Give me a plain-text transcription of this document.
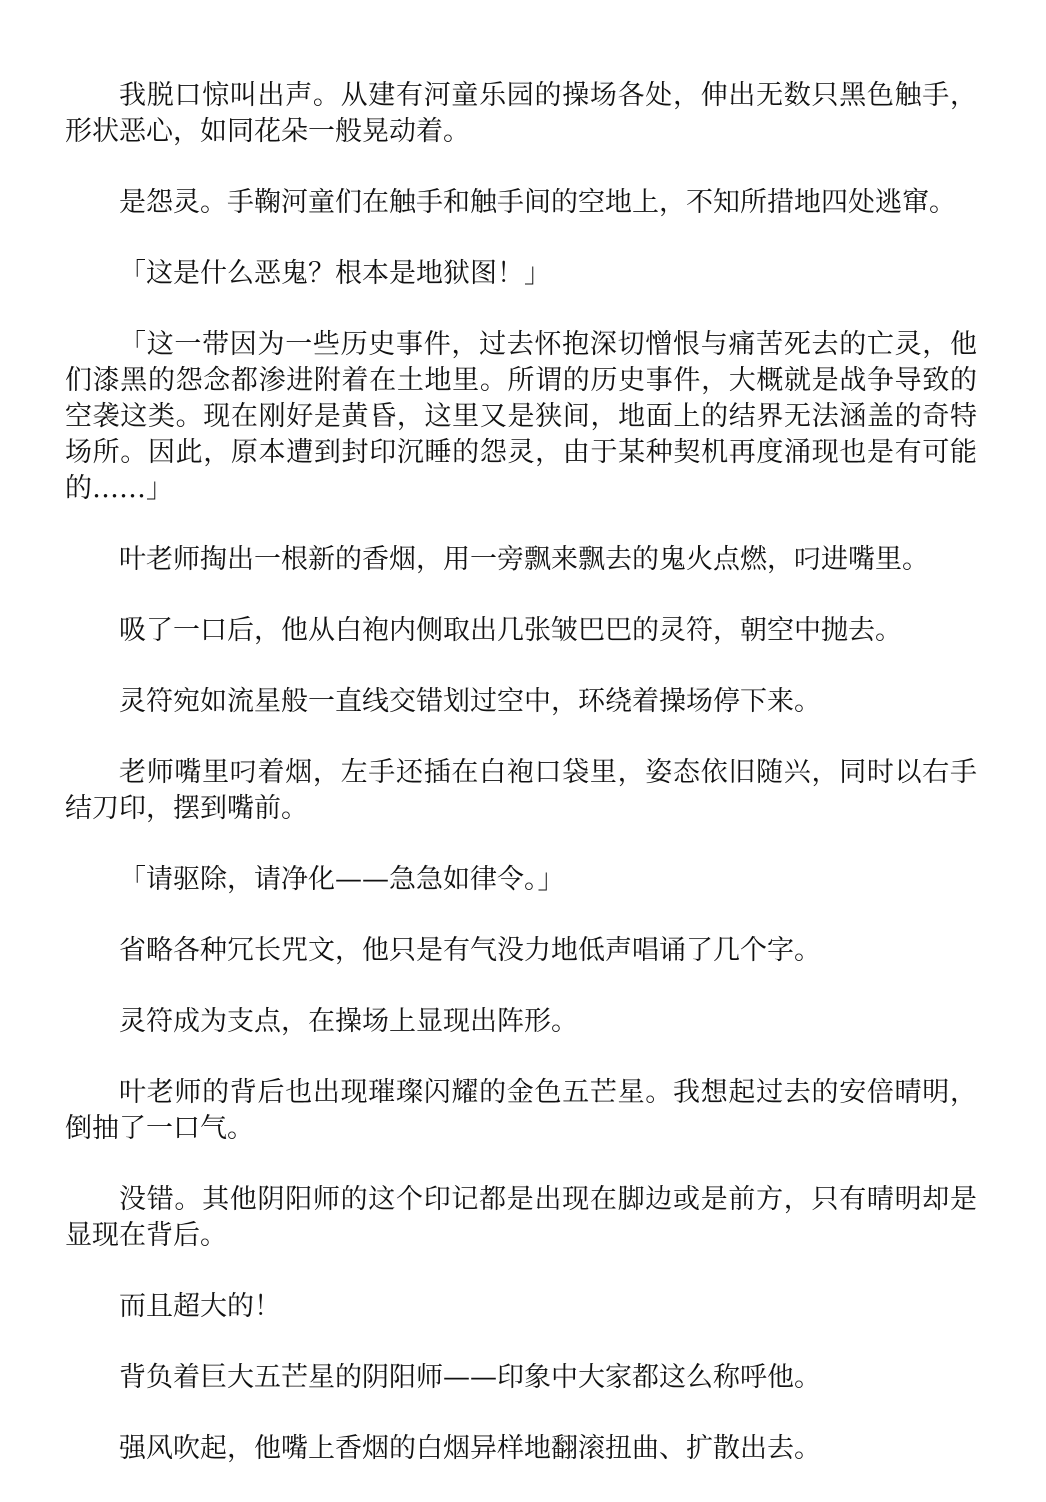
我脱口惊叫出声。从建有河童乐园的操场各处，伸出无数只黑色触手，形状恶心，如同花朵一般晃动着。

是怨灵。手鞠河童们在触手和触手间的空地上，不知所措地四处逃窜。

「这是什么恶鬼？根本是地狱图！」

「这一带因为一些历史事件，过去怀抱深切憎恨与痛苦死去的亡灵，他们漆黑的怨念都渗进附着在土地里。所谓的历史事件，大概就是战争导致的空袭这类。现在刚好是黄昏，这里又是狭间，地面上的结界无法涵盖的奇特场所。因此，原本遭到封印沉睡的怨灵，由于某种契机再度涌现也是有可能的……」

叶老师掏出一根新的香烟，用一旁飘来飘去的鬼火点燃，叼进嘴里。

吸了一口后，他从白袍内侧取出几张皱巴巴的灵符，朝空中抛去。

灵符宛如流星般一直线交错划过空中，环绕着操场停下来。

老师嘴里叼着烟，左手还插在白袍口袋里，姿态依旧随兴，同时以右手结刀印，摆到嘴前。

「请驱除，请净化——急急如律令。」

省略各种冗长咒文，他只是有气没力地低声唱诵了几个字。

灵符成为支点，在操场上显现出阵形。

叶老师的背后也出现璀璨闪耀的金色五芒星。我想起过去的安倍晴明，倒抽了一口气。

没错。其他阴阳师的这个印记都是出现在脚边或是前方，只有晴明却是显现在背后。

而且超大的！

背负着巨大五芒星的阴阳师——印象中大家都这么称呼他。

强风吹起，他嘴上香烟的白烟异样地翻滚扭曲、扩散出去。
